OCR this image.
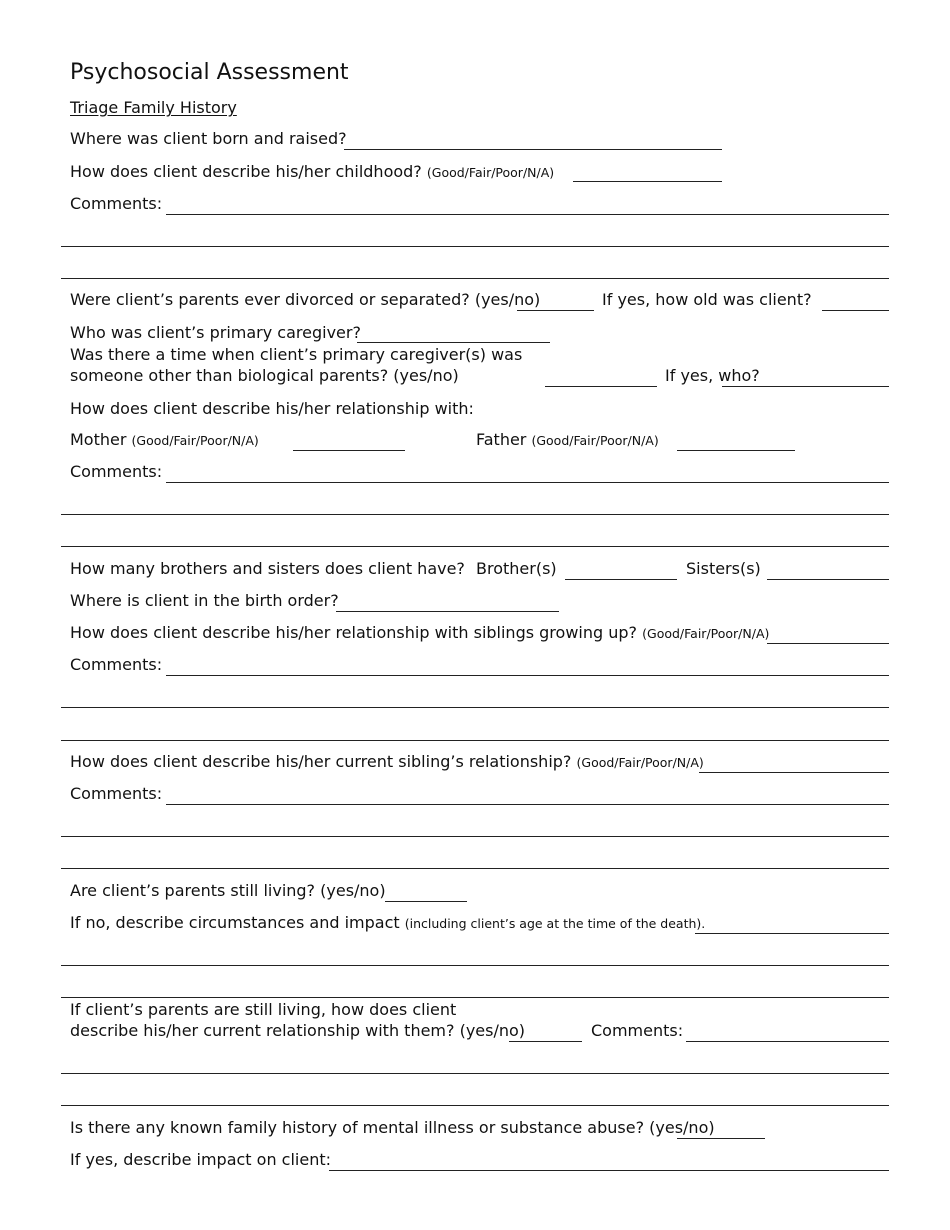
Psychosocial Assessment
Triage Family History
Where was client born and raised?
How does client describe his/her childhood? (Good/Fair/Poor/N/A)
Comments:
Were client’s parents ever divorced or separated? (yes/no)	If yes, how old was client?
Who was client’s primary caregiver?
Was there a time when client’s primary caregiver(s) was
someone other than biological parents? (yes/no)	If yes, who?
How does client describe his/her relationship with:
Mother (Good/Fair/Poor/N/A)	Father (Good/Fair/Poor/N/A)
Comments:
How many brothers and sisters does client have? Brother(s)	Sisters(s)
Where is client in the birth order?
How does client describe his/her relationship with siblings growing up? (Good/Fair/Poor/N/A)
Comments:
How does client describe his/her current sibling’s relationship? (Good/Fair/Poor/N/A)
Comments:
Are client’s parents still living? (yes/no)
If no, describe circumstances and impact (including client’s age at the time of the death).
If client’s parents are still living, how does client
describe his/her current relationship with them? (yes/no)	Comments:
Is there any known family history of mental illness or substance abuse? (yes/no)
If yes, describe impact on client:
